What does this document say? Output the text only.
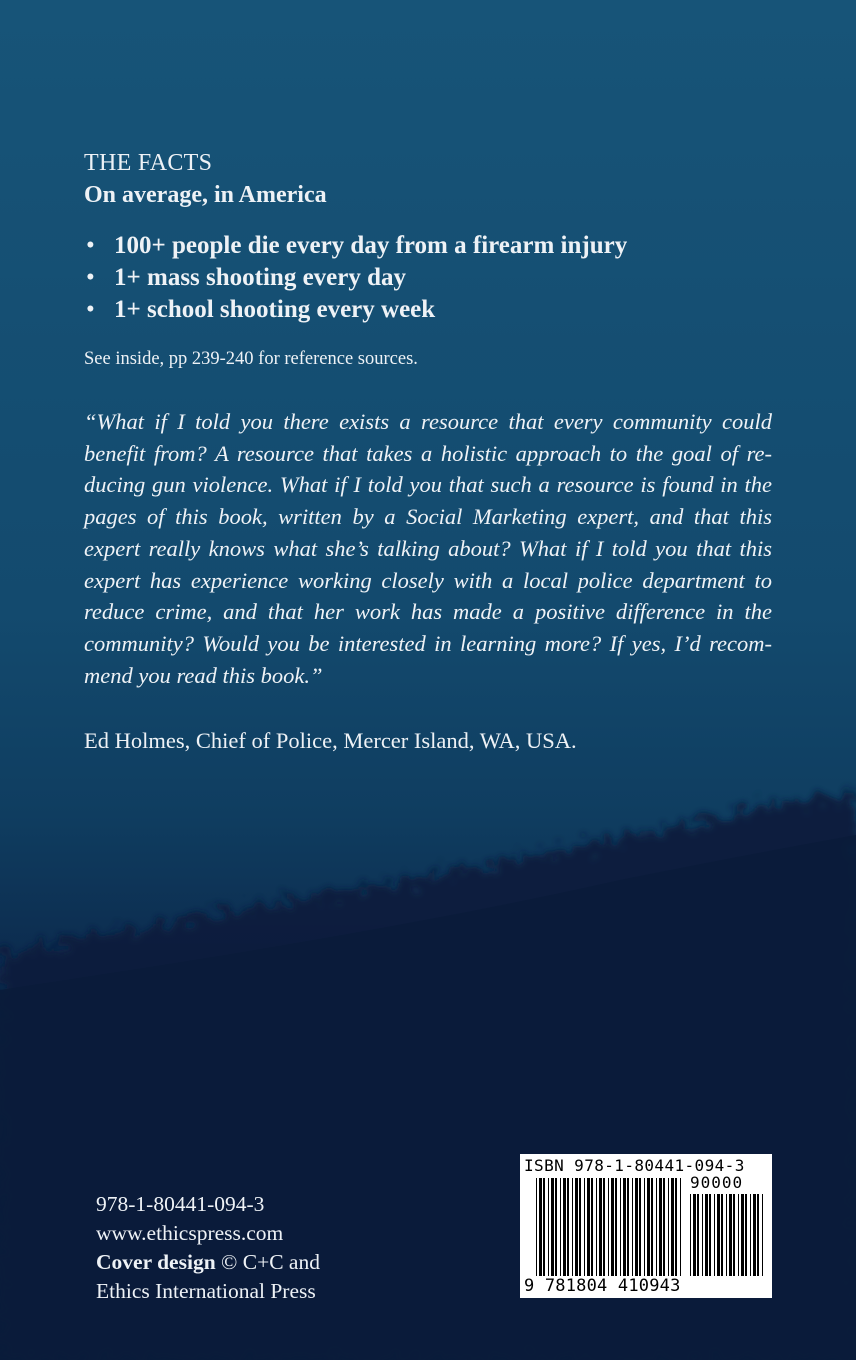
THE FACTS
On average, in America
• 100+ people die every day from a firearm injury
• 1+ mass shooting every day
• 1+ school shooting every week
See inside, pp 239-240 for reference sources.
“What if I told you there exists a resource that every community could benefit from? A resource that takes a holistic approach to the goal of reducing gun violence. What if I told you that such a resource is found in the pages of this book, written by a Social Marketing expert, and that this expert really knows what she’s talking about? What if I told you that this expert has experience working closely with a local police department to reduce crime, and that her work has made a positive difference in the community? Would you be interested in learning more? If yes, I’d recommend you read this book.”
Ed Holmes, Chief of Police, Mercer Island, WA, USA.
978-1-80441-094-3
www.ethicspress.com
Cover design © C+C and
Ethics International Press
ISBN 978-1-80441-094-3
90000
9 781804 410943
